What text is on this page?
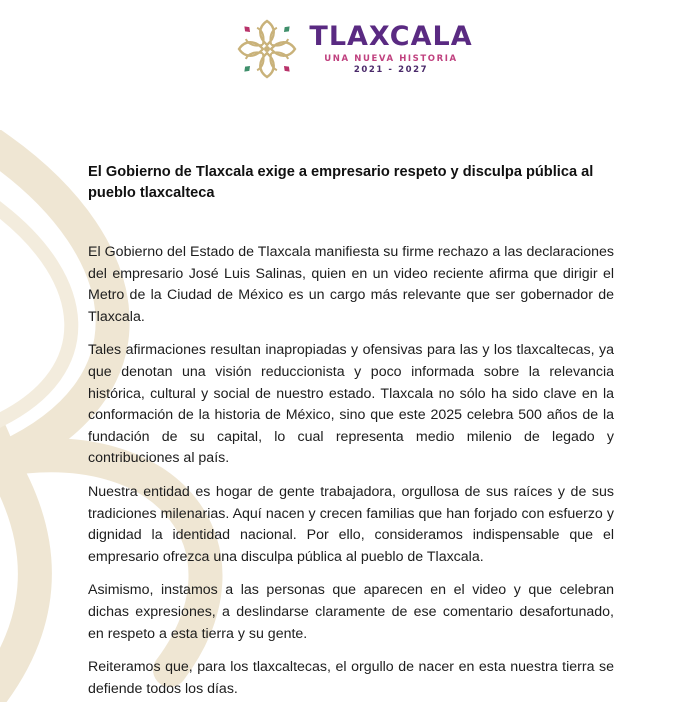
TLAXCALA
UNA NUEVA HISTORIA
2021 - 2027
El Gobierno de Tlaxcala exige a empresario respeto y disculpa pública al pueblo tlaxcalteca

El Gobierno del Estado de Tlaxcala manifiesta su firme rechazo a las declaraciones del empresario José Luis Salinas, quien en un video reciente afirma que dirigir el Metro de la Ciudad de México es un cargo más relevante que ser gobernador de Tlaxcala.

Tales afirmaciones resultan inapropiadas y ofensivas para las y los tlaxcaltecas, ya que denotan una visión reduccionista y poco informada sobre la relevancia histórica, cultural y social de nuestro estado. Tlaxcala no sólo ha sido clave en la conformación de la historia de México, sino que este 2025 celebra 500 años de la fundación de su capital, lo cual representa medio milenio de legado y contribuciones al país.

Nuestra entidad es hogar de gente trabajadora, orgullosa de sus raíces y de sus tradiciones milenarias. Aquí nacen y crecen familias que han forjado con esfuerzo y dignidad la identidad nacional. Por ello, consideramos indispensable que el empresario ofrezca una disculpa pública al pueblo de Tlaxcala.

Asimismo, instamos a las personas que aparecen en el video y que celebran dichas expresiones, a deslindarse claramente de ese comentario desafortunado, en respeto a esta tierra y su gente.

Reiteramos que, para los tlaxcaltecas, el orgullo de nacer en esta nuestra tierra se defiende todos los días.
